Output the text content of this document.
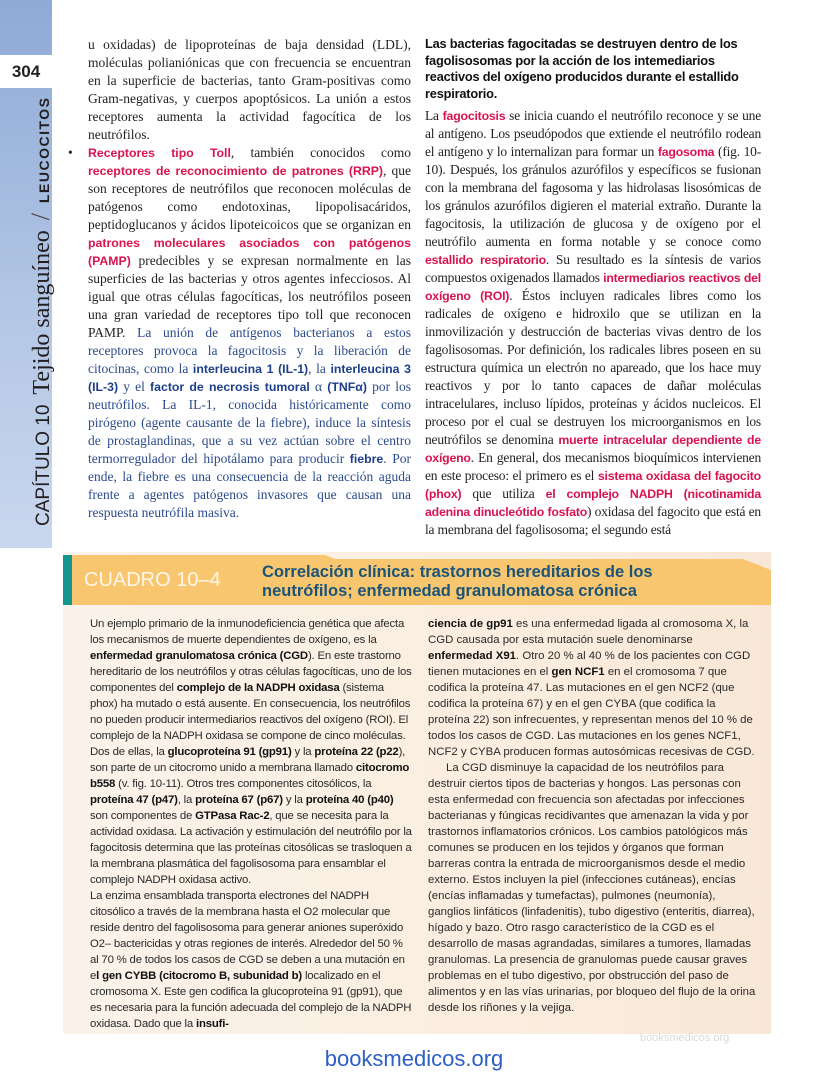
304
CAPÍTULO 10
Tejido sanguíneo
/
LEUCOCITOS

u oxidadas) de lipoproteínas de baja densidad (LDL), moléculas polianiónicas que con frecuencia se encuentran en la superficie de bacterias, tanto Gram-positivas como Gram-negativas, y cuerpos apoptósicos. La unión a estos receptores aumenta la actividad fagocítica de los neutrófilos.

• Receptores tipo Toll, también conocidos como receptores de reconocimiento de patrones (RRP), que son receptores de neutrófilos que reconocen moléculas de patógenos como endotoxinas, lipopolisacáridos, peptidoglucanos y ácidos lipoteicoicos que se organizan en patrones moleculares asociados con patógenos (PAMP) predecibles y se expresan normalmente en las superficies de las bacterias y otros agentes infecciosos. Al igual que otras células fagocíticas, los neutrófilos poseen una gran variedad de receptores tipo toll que reconocen PAMP. La unión de antígenos bacterianos a estos receptores provoca la fagocitosis y la liberación de citocinas, como la interleucina 1 (IL-1), la interleucina 3 (IL-3) y el factor de necrosis tumoral α (TNFα) por los neutrófilos. La IL-1, conocida históricamente como pirógeno (agente causante de la fiebre), induce la síntesis de prostaglandinas, que a su vez actúan sobre el centro termorregulador del hipotálamo para producir fiebre. Por ende, la fiebre es una consecuencia de la reacción aguda frente a agentes patógenos invasores que causan una respuesta neutrófila masiva.

Las bacterias fagocitadas se destruyen dentro de los fagolisosomas por la acción de los intemediarios reactivos del oxígeno producidos durante el estallido respiratorio.

La fagocitosis se inicia cuando el neutrófilo reconoce y se une al antígeno. Los pseudópodos que extiende el neutrófilo rodean el antígeno y lo internalizan para formar un fagosoma (fig. 10-10). Después, los gránulos azurófilos y específicos se fusionan con la membrana del fagosoma y las hidrolasas lisosómicas de los gránulos azurófilos digieren el material extraño. Durante la fagocitosis, la utilización de glucosa y de oxígeno por el neutrófilo aumenta en forma notable y se conoce como estallido respiratorio. Su resultado es la síntesis de varios compuestos oxigenados llamados intermediarios reactivos del oxígeno (ROI). Éstos incluyen radicales libres como los radicales de oxígeno e hidroxilo que se utilizan en la inmovilización y destrucción de bacterias vivas dentro de los fagolisosomas. Por definición, los radicales libres poseen en su estructura química un electrón no apareado, que los hace muy reactivos y por lo tanto capaces de dañar moléculas intracelulares, incluso lípidos, proteínas y ácidos nucleicos. El proceso por el cual se destruyen los microorganismos en los neutrófilos se denomina muerte intracelular dependiente de oxígeno. En general, dos mecanismos bioquímicos intervienen en este proceso: el primero es el sistema oxidasa del fagocito (phox) que utiliza el complejo NADPH (nicotinamida adenina dinucleótido fosfato) oxidasa del fagocito que está en la membrana del fagolisosoma; el segundo está

CUADRO 10–4	Correlación clínica: trastornos hereditarios de los
neutrófilos; enfermedad granulomatosa crónica

Un ejemplo primario de la inmunodeficiencia genética que afecta los mecanismos de muerte dependientes de oxígeno, es la enfermedad granulomatosa crónica (CGD). En este trastorno hereditario de los neutrófilos y otras células fagocíticas, uno de los componentes del complejo de la NADPH oxidasa (sistema phox) ha mutado o está ausente. En consecuencia, los neutrófilos no pueden producir intermediarios reactivos del oxígeno (ROI). El complejo de la NADPH oxidasa se compone de cinco moléculas. Dos de ellas, la glucoproteína 91 (gp91) y la proteína 22 (p22), son parte de un citocromo unido a membrana llamado citocromo b558 (v. fig. 10-11). Otros tres componentes citosólicos, la proteína 47 (p47), la proteína 67 (p67) y la proteína 40 (p40) son componentes de GTPasa Rac-2, que se necesita para la actividad oxidasa. La activación y estimulación del neutrófilo por la fagocitosis determina que las proteínas citosólicas se trasloquen a la membrana plasmática del fagolisosoma para ensamblar el complejo NADPH oxidasa activo.

La enzima ensamblada transporta electrones del NADPH citosólico a través de la membrana hasta el O2 molecular que reside dentro del fagolisosoma para generar aniones superóxido O2– bactericidas y otras regiones de interés. Alrededor del 50 % al 70 % de todos los casos de CGD se deben a una mutación en el gen CYBB (citocromo B, subunidad b) localizado en el cromosoma X. Este gen codifica la glucoproteína 91 (gp91), que es necesaria para la función adecuada del complejo de la NADPH oxidasa. Dado que la insufi-

ciencia de gp91 es una enfermedad ligada al cromosoma X, la CGD causada por esta mutación suele denominarse enfermedad X91. Otro 20 % al 40 % de los pacientes con CGD tienen mutaciones en el gen NCF1 en el cromosoma 7 que codifica la proteína 47. Las mutaciones en el gen NCF2 (que codifica la proteína 67) y en el gen CYBA (que codifica la proteína 22) son infrecuentes, y representan menos del 10 % de todos los casos de CGD. Las mutaciones en los genes NCF1, NCF2 y CYBA producen formas autosómicas recesivas de CGD.

La CGD disminuye la capacidad de los neutrófilos para destruir ciertos tipos de bacterias y hongos. Las personas con esta enfermedad con frecuencia son afectadas por infecciones bacterianas y fúngicas recidivantes que amenazan la vida y por trastornos inflamatorios crónicos. Los cambios patológicos más comunes se producen en los tejidos y órganos que forman barreras contra la entrada de microorganismos desde el medio externo. Estos incluyen la piel (infecciones cutáneas), encías (encías inflamadas y tumefactas), pulmones (neumonía), ganglios linfáticos (linfadenitis), tubo digestivo (enteritis, diarrea), hígado y bazo. Otro rasgo característico de la CGD es el desarrollo de masas agrandadas, similares a tumores, llamadas granulomas. La presencia de granulomas puede causar graves problemas en el tubo digestivo, por obstrucción del paso de alimentos y en las vías urinarias, por bloqueo del flujo de la orina desde los riñones y la vejiga.

booksmedicos.org
booksmedicos.org
